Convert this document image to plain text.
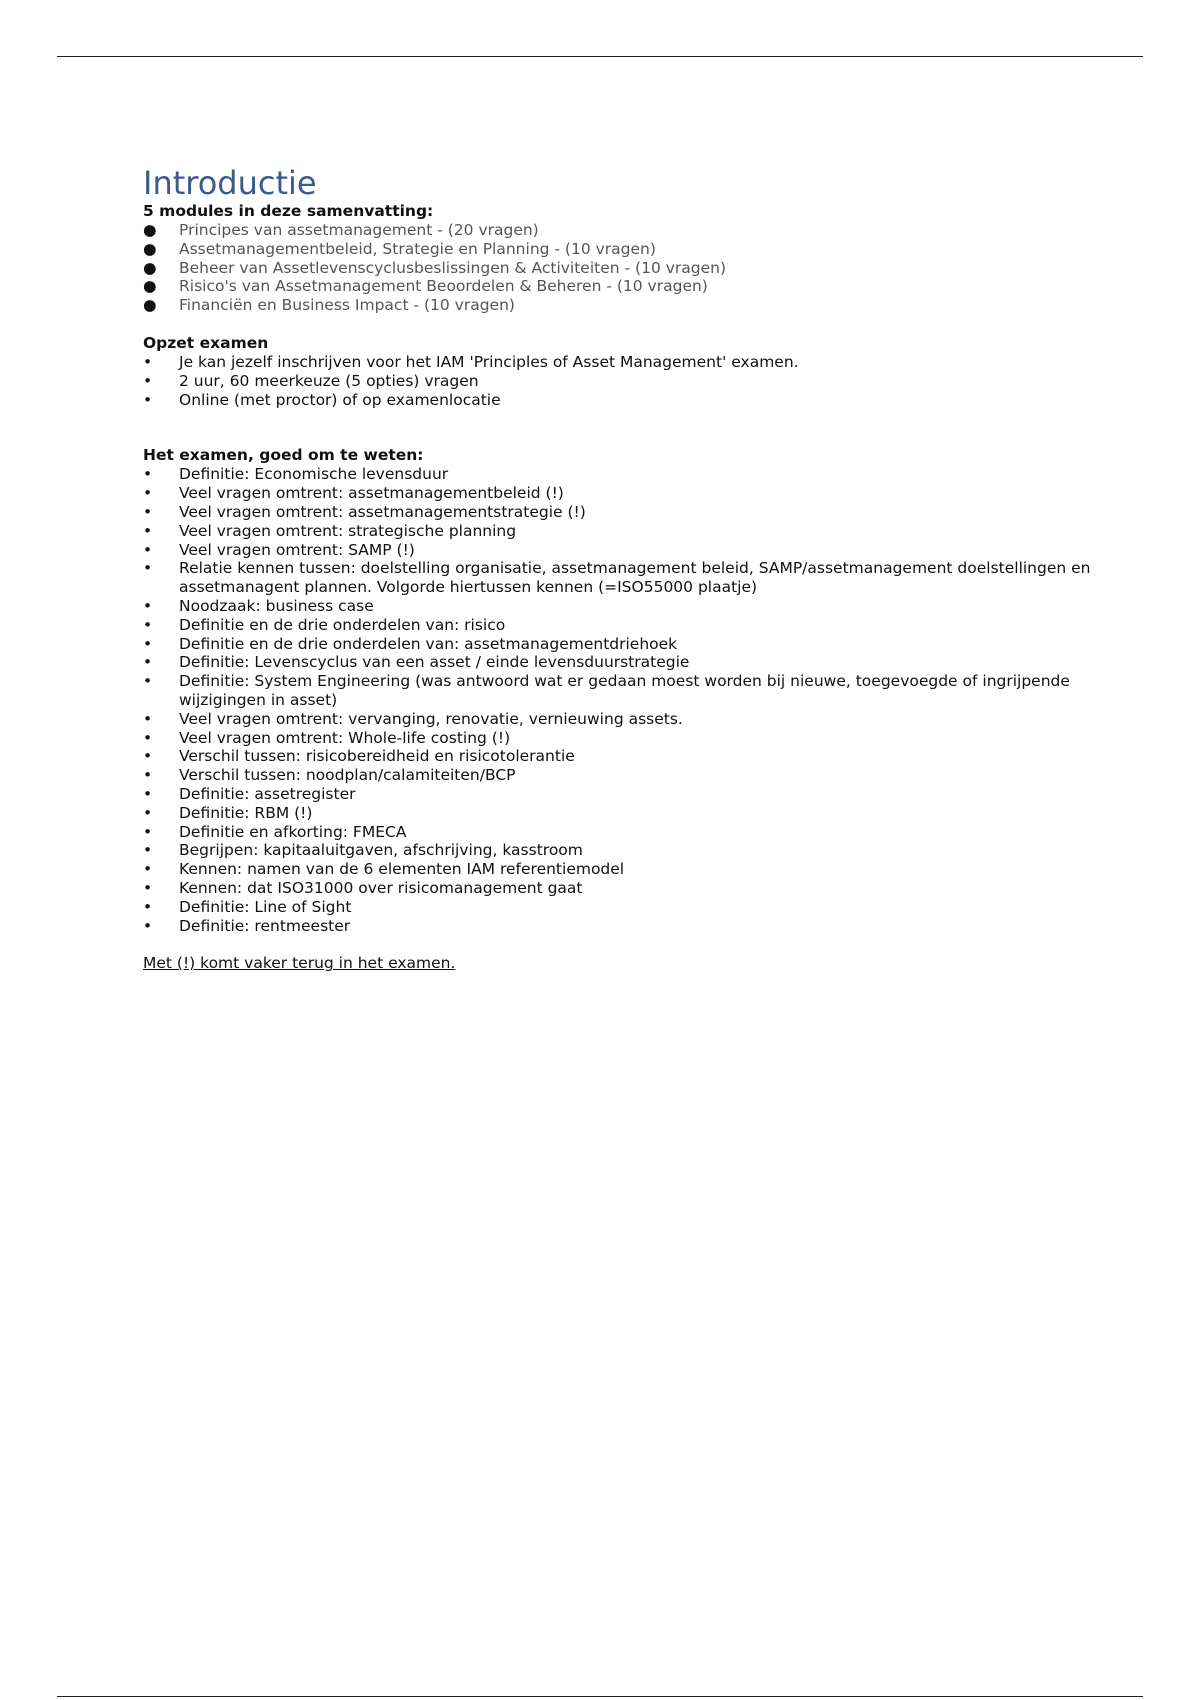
Introductie

5 modules in deze samenvatting:

● Principes van assetmanagement - (20 vragen)
● Assetmanagementbeleid, Strategie en Planning - (10 vragen)
● Beheer van Assetlevenscyclusbeslissingen & Activiteiten - (10 vragen)
● Risico's van Assetmanagement Beoordelen & Beheren - (10 vragen)
● Financiën en Business Impact - (10 vragen)

Opzet examen

•	Je kan jezelf inschrijven voor het IAM 'Principles of Asset Management' examen.
•	2 uur, 60 meerkeuze (5 opties) vragen
•	Online (met proctor) of op examenlocatie

Het examen, goed om te weten:

•	Definitie: Economische levensduur
•	Veel vragen omtrent: assetmanagementbeleid (!)
•	Veel vragen omtrent: assetmanagementstrategie (!)
•	Veel vragen omtrent: strategische planning
•	Veel vragen omtrent: SAMP (!)
•	Relatie kennen tussen: doelstelling organisatie, assetmanagement beleid, SAMP/assetmanagement doelstellingen en assetmanagent plannen. Volgorde hiertussen kennen (=ISO55000 plaatje)
•	Noodzaak: business case
•	Definitie en de drie onderdelen van: risico
•	Definitie en de drie onderdelen van: assetmanagementdriehoek
•	Definitie: Levenscyclus van een asset / einde levensduurstrategie
•	Definitie: System Engineering (was antwoord wat er gedaan moest worden bij nieuwe, toegevoegde of ingrijpende wijzigingen in asset)
•	Veel vragen omtrent: vervanging, renovatie, vernieuwing assets.
•	Veel vragen omtrent: Whole-life costing (!)
•	Verschil tussen: risicobereidheid en risicotolerantie
•	Verschil tussen: noodplan/calamiteiten/BCP
•	Definitie: assetregister
•	Definitie: RBM (!)
•	Definitie en afkorting: FMECA
•	Begrijpen: kapitaaluitgaven, afschrijving, kasstroom
•	Kennen: namen van de 6 elementen IAM referentiemodel
•	Kennen: dat ISO31000 over risicomanagement gaat
•	Definitie: Line of Sight
•	Definitie: rentmeester

Met (!) komt vaker terug in het examen.
